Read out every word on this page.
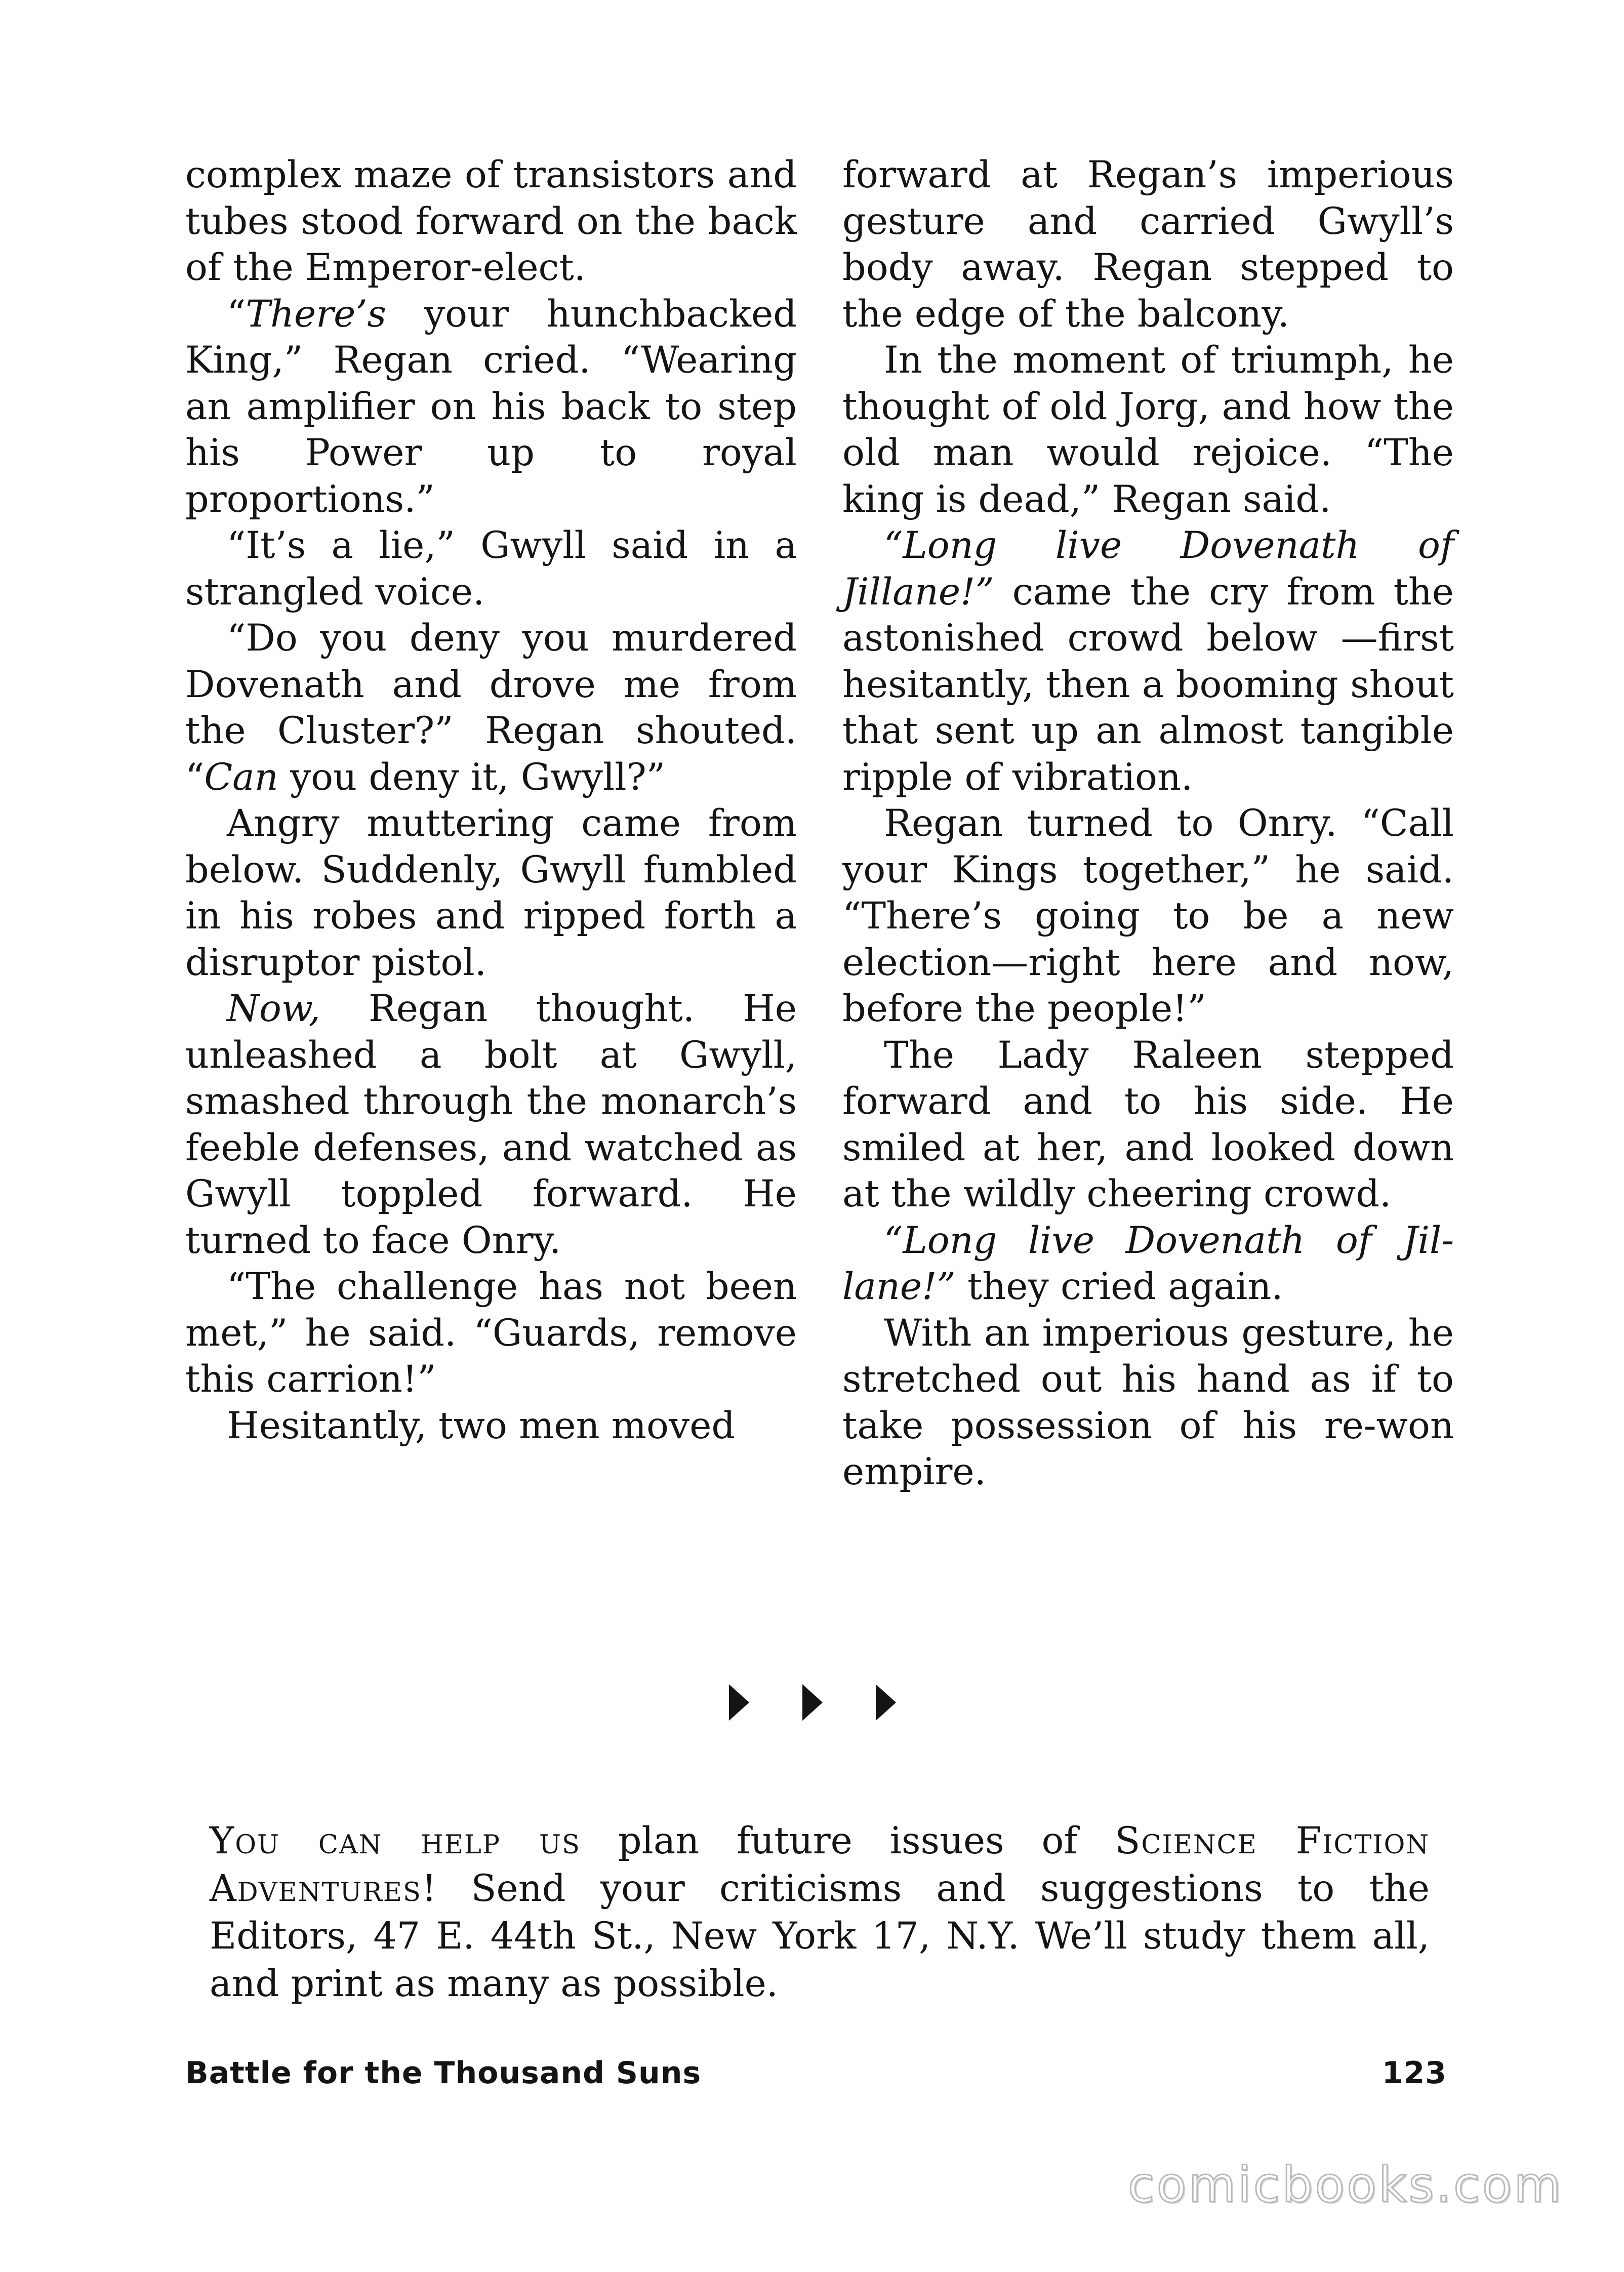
complex maze of transistors and tubes stood forward on the back of the Emperor-elect.

“There’s your hunchbacked King,” Regan cried. “Wearing an amplifier on his back to step his Power up to royal proportions.”

“It’s a lie,” Gwyll said in a strangled voice.

“Do you deny you murdered Dovenath and drove me from the Cluster?” Regan shouted. “Can you deny it, Gwyll?”

Angry muttering came from below. Suddenly, Gwyll fumbled in his robes and ripped forth a disruptor pistol.

Now, Regan thought. He unleashed a bolt at Gwyll, smashed through the monarch’s feeble defenses, and watched as Gwyll toppled forward. He turned to face Onry.

“The challenge has not been met,” he said. “Guards, remove this carrion!”

Hesitantly, two men moved

forward at Regan’s imperious gesture and carried Gwyll’s body away. Regan stepped to the edge of the balcony.

In the moment of triumph, he thought of old Jorg, and how the old man would rejoice. “The king is dead,” Regan said.

“Long live Dovenath of Jillane!” came the cry from the astonished crowd below —first hesitantly, then a booming shout that sent up an almost tangible ripple of vibration.

Regan turned to Onry. “Call your Kings together,” he said. “There’s going to be a new election—right here and now, before the people!”

The Lady Raleen stepped forward and to his side. He smiled at her, and looked down at the wildly cheering crowd.

“Long live Dovenath of Jillane!” they cried again.

With an imperious gesture, he stretched out his hand as if to take possession of his re-won empire.

You can help us plan future issues of Science Fiction Adventures! Send your criticisms and suggestions to the Editors, 47 E. 44th St., New York 17, N.Y. We’ll study them all, and print as many as possible.
Battle for the Thousand Suns	123
comicbooks.com
